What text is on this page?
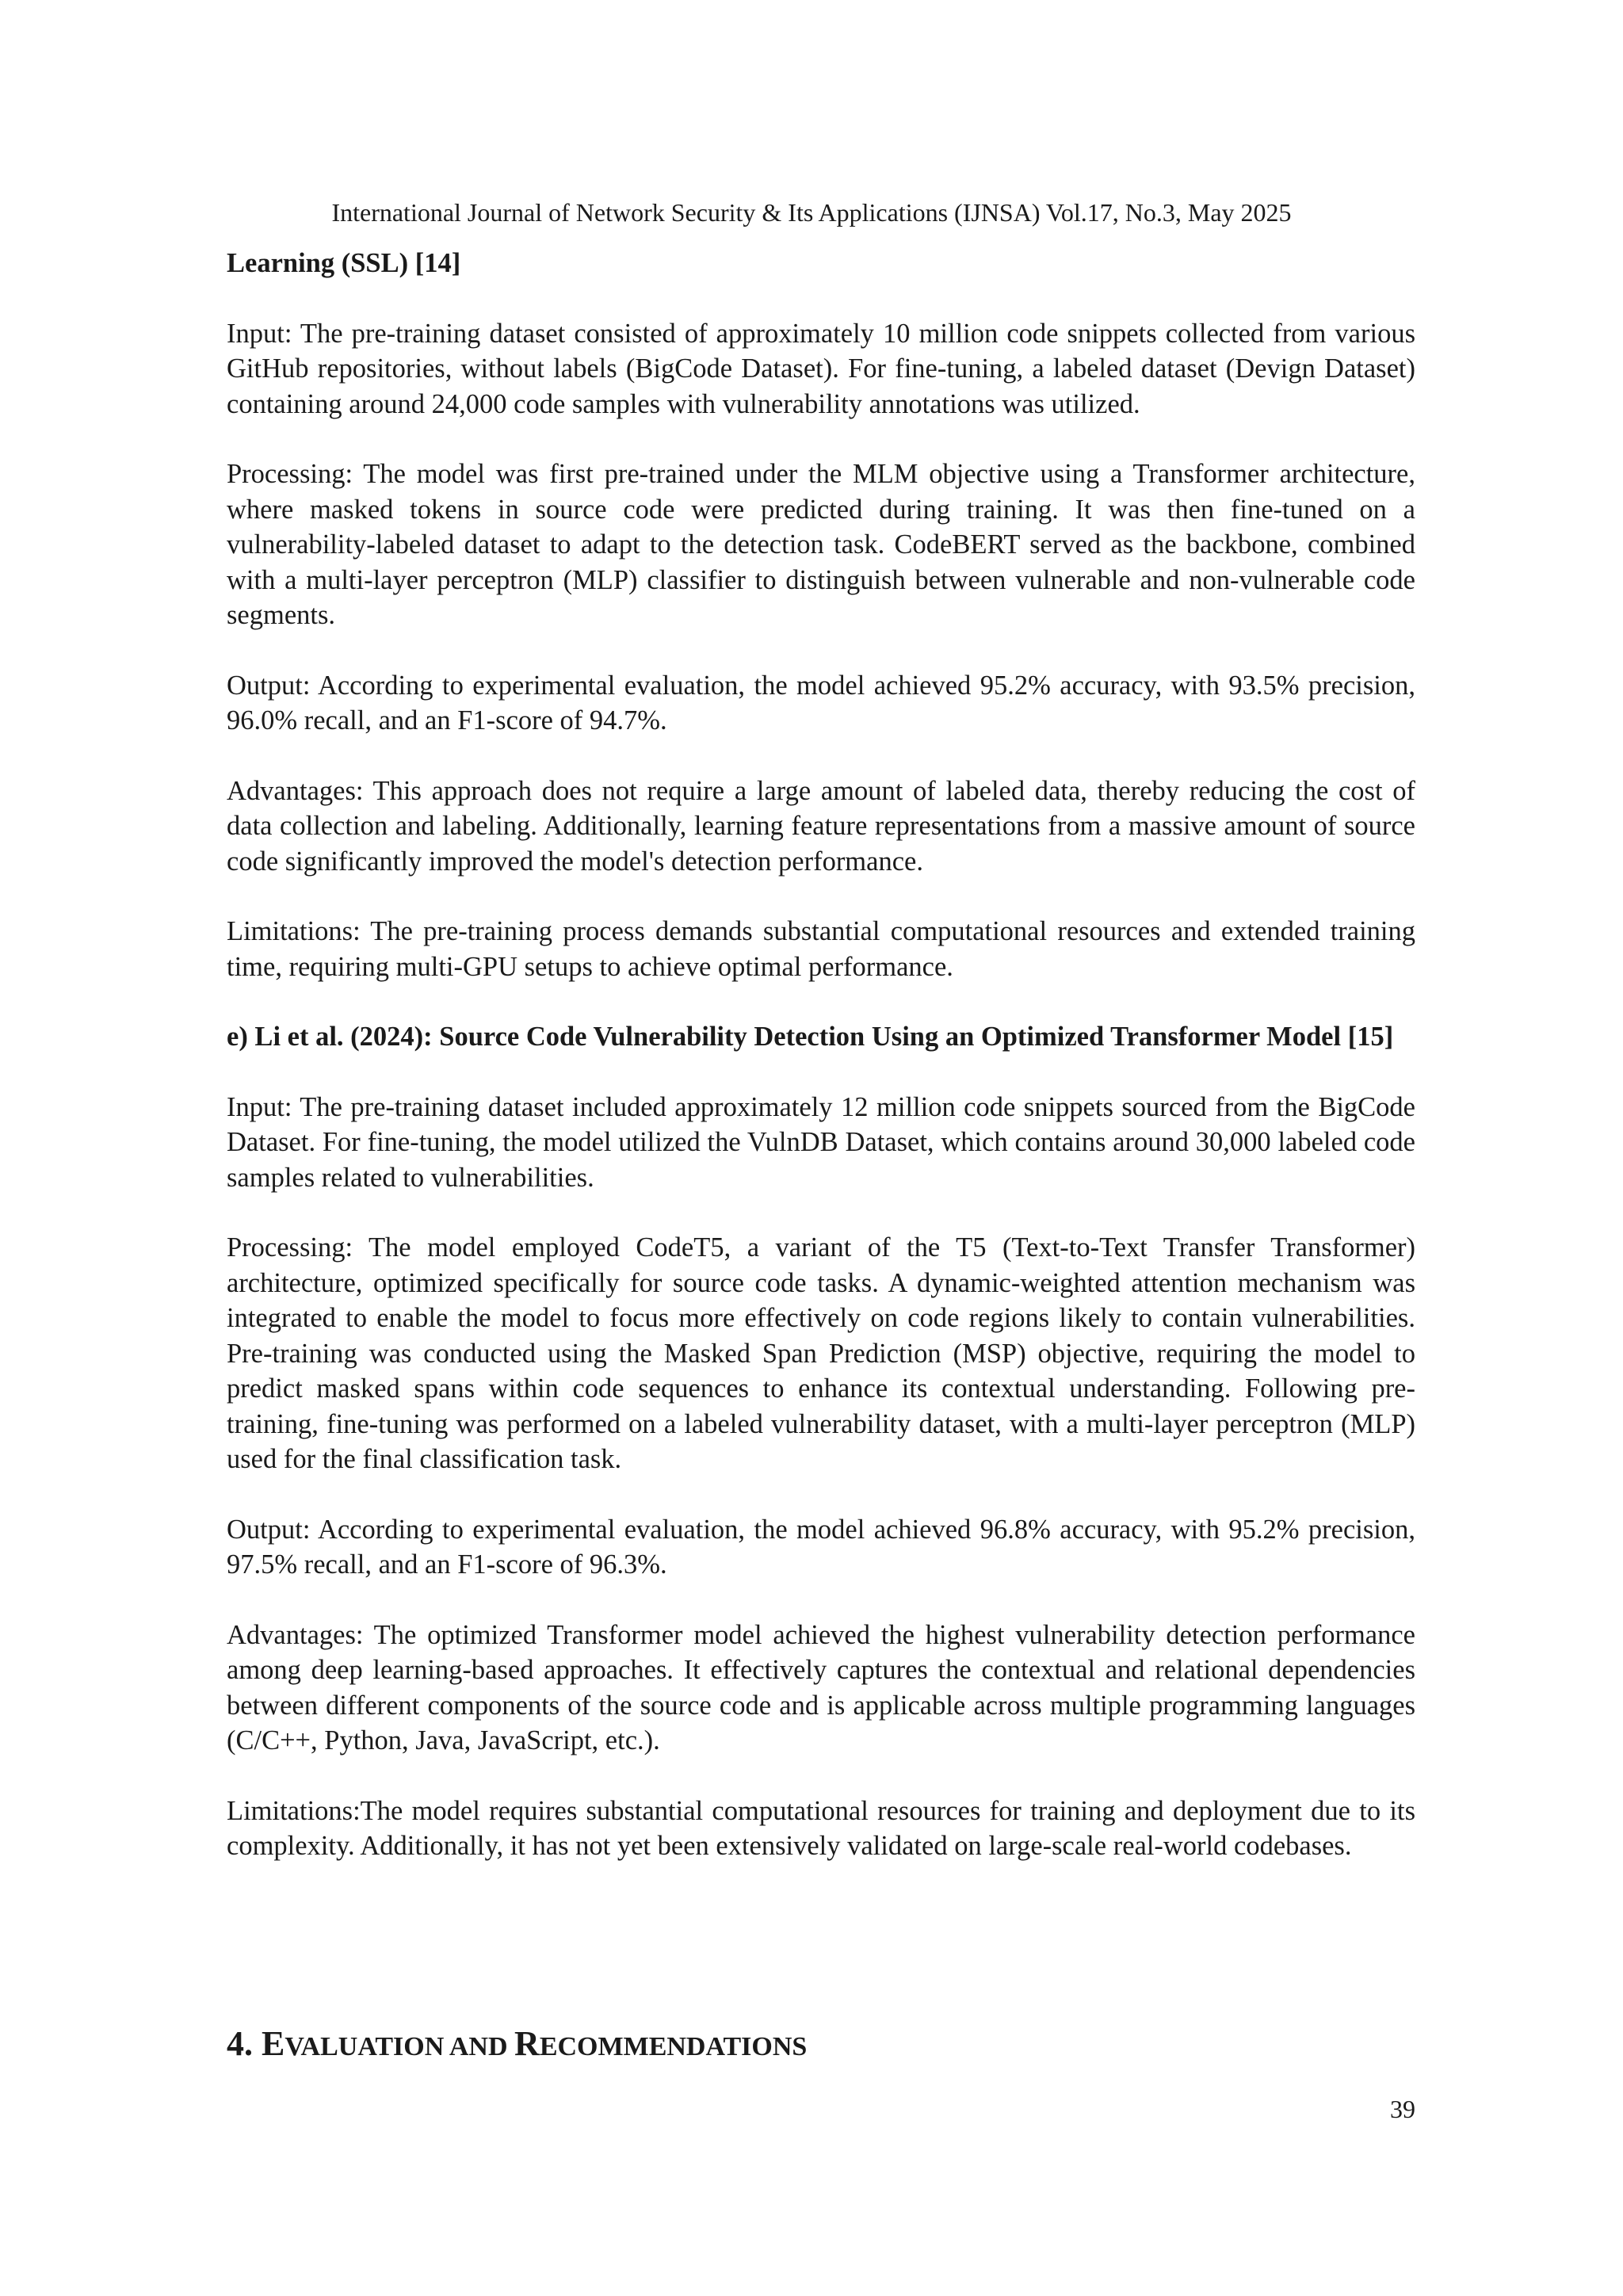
International Journal of Network Security & Its Applications (IJNSA) Vol.17, No.3, May 2025
Learning (SSL) [14]

Input: The pre-training dataset consisted of approximately 10 million code snippets collected from various GitHub repositories, without labels (BigCode Dataset). For fine-tuning, a labeled dataset (Devign Dataset) containing around 24,000 code samples with vulnerability annotations was utilized.

Processing: The model was first pre-trained under the MLM objective using a Transformer architecture, where masked tokens in source code were predicted during training. It was then fine-tuned on a vulnerability-labeled dataset to adapt to the detection task. CodeBERT served as the backbone, combined with a multi-layer perceptron (MLP) classifier to distinguish between vulnerable and non-vulnerable code segments.

Output: According to experimental evaluation, the model achieved 95.2% accuracy, with 93.5% precision, 96.0% recall, and an F1-score of 94.7%.

Advantages: This approach does not require a large amount of labeled data, thereby reducing the cost of data collection and labeling. Additionally, learning feature representations from a massive amount of source code significantly improved the model's detection performance.

Limitations: The pre-training process demands substantial computational resources and extended training time, requiring multi-GPU setups to achieve optimal performance.

e) Li et al. (2024): Source Code Vulnerability Detection Using an Optimized Transformer Model [15]

Input: The pre-training dataset included approximately 12 million code snippets sourced from the BigCode Dataset. For fine-tuning, the model utilized the VulnDB Dataset, which contains around 30,000 labeled code samples related to vulnerabilities.

Processing: The model employed CodeT5, a variant of the T5 (Text-to-Text Transfer Transformer) architecture, optimized specifically for source code tasks. A dynamic-weighted attention mechanism was integrated to enable the model to focus more effectively on code regions likely to contain vulnerabilities. Pre-training was conducted using the Masked Span Prediction (MSP) objective, requiring the model to predict masked spans within code sequences to enhance its contextual understanding. Following pre-training, fine-tuning was performed on a labeled vulnerability dataset, with a multi-layer perceptron (MLP) used for the final classification task.

Output: According to experimental evaluation, the model achieved 96.8% accuracy, with 95.2% precision, 97.5% recall, and an F1-score of 96.3%.

Advantages: The optimized Transformer model achieved the highest vulnerability detection performance among deep learning-based approaches. It effectively captures the contextual and relational dependencies between different components of the source code and is applicable across multiple programming languages (C/C++, Python, Java, JavaScript, etc.).

Limitations:The model requires substantial computational resources for training and deployment due to its complexity. Additionally, it has not yet been extensively validated on large-scale real-world codebases.

4. EVALUATION AND RECOMMENDATIONS
39
